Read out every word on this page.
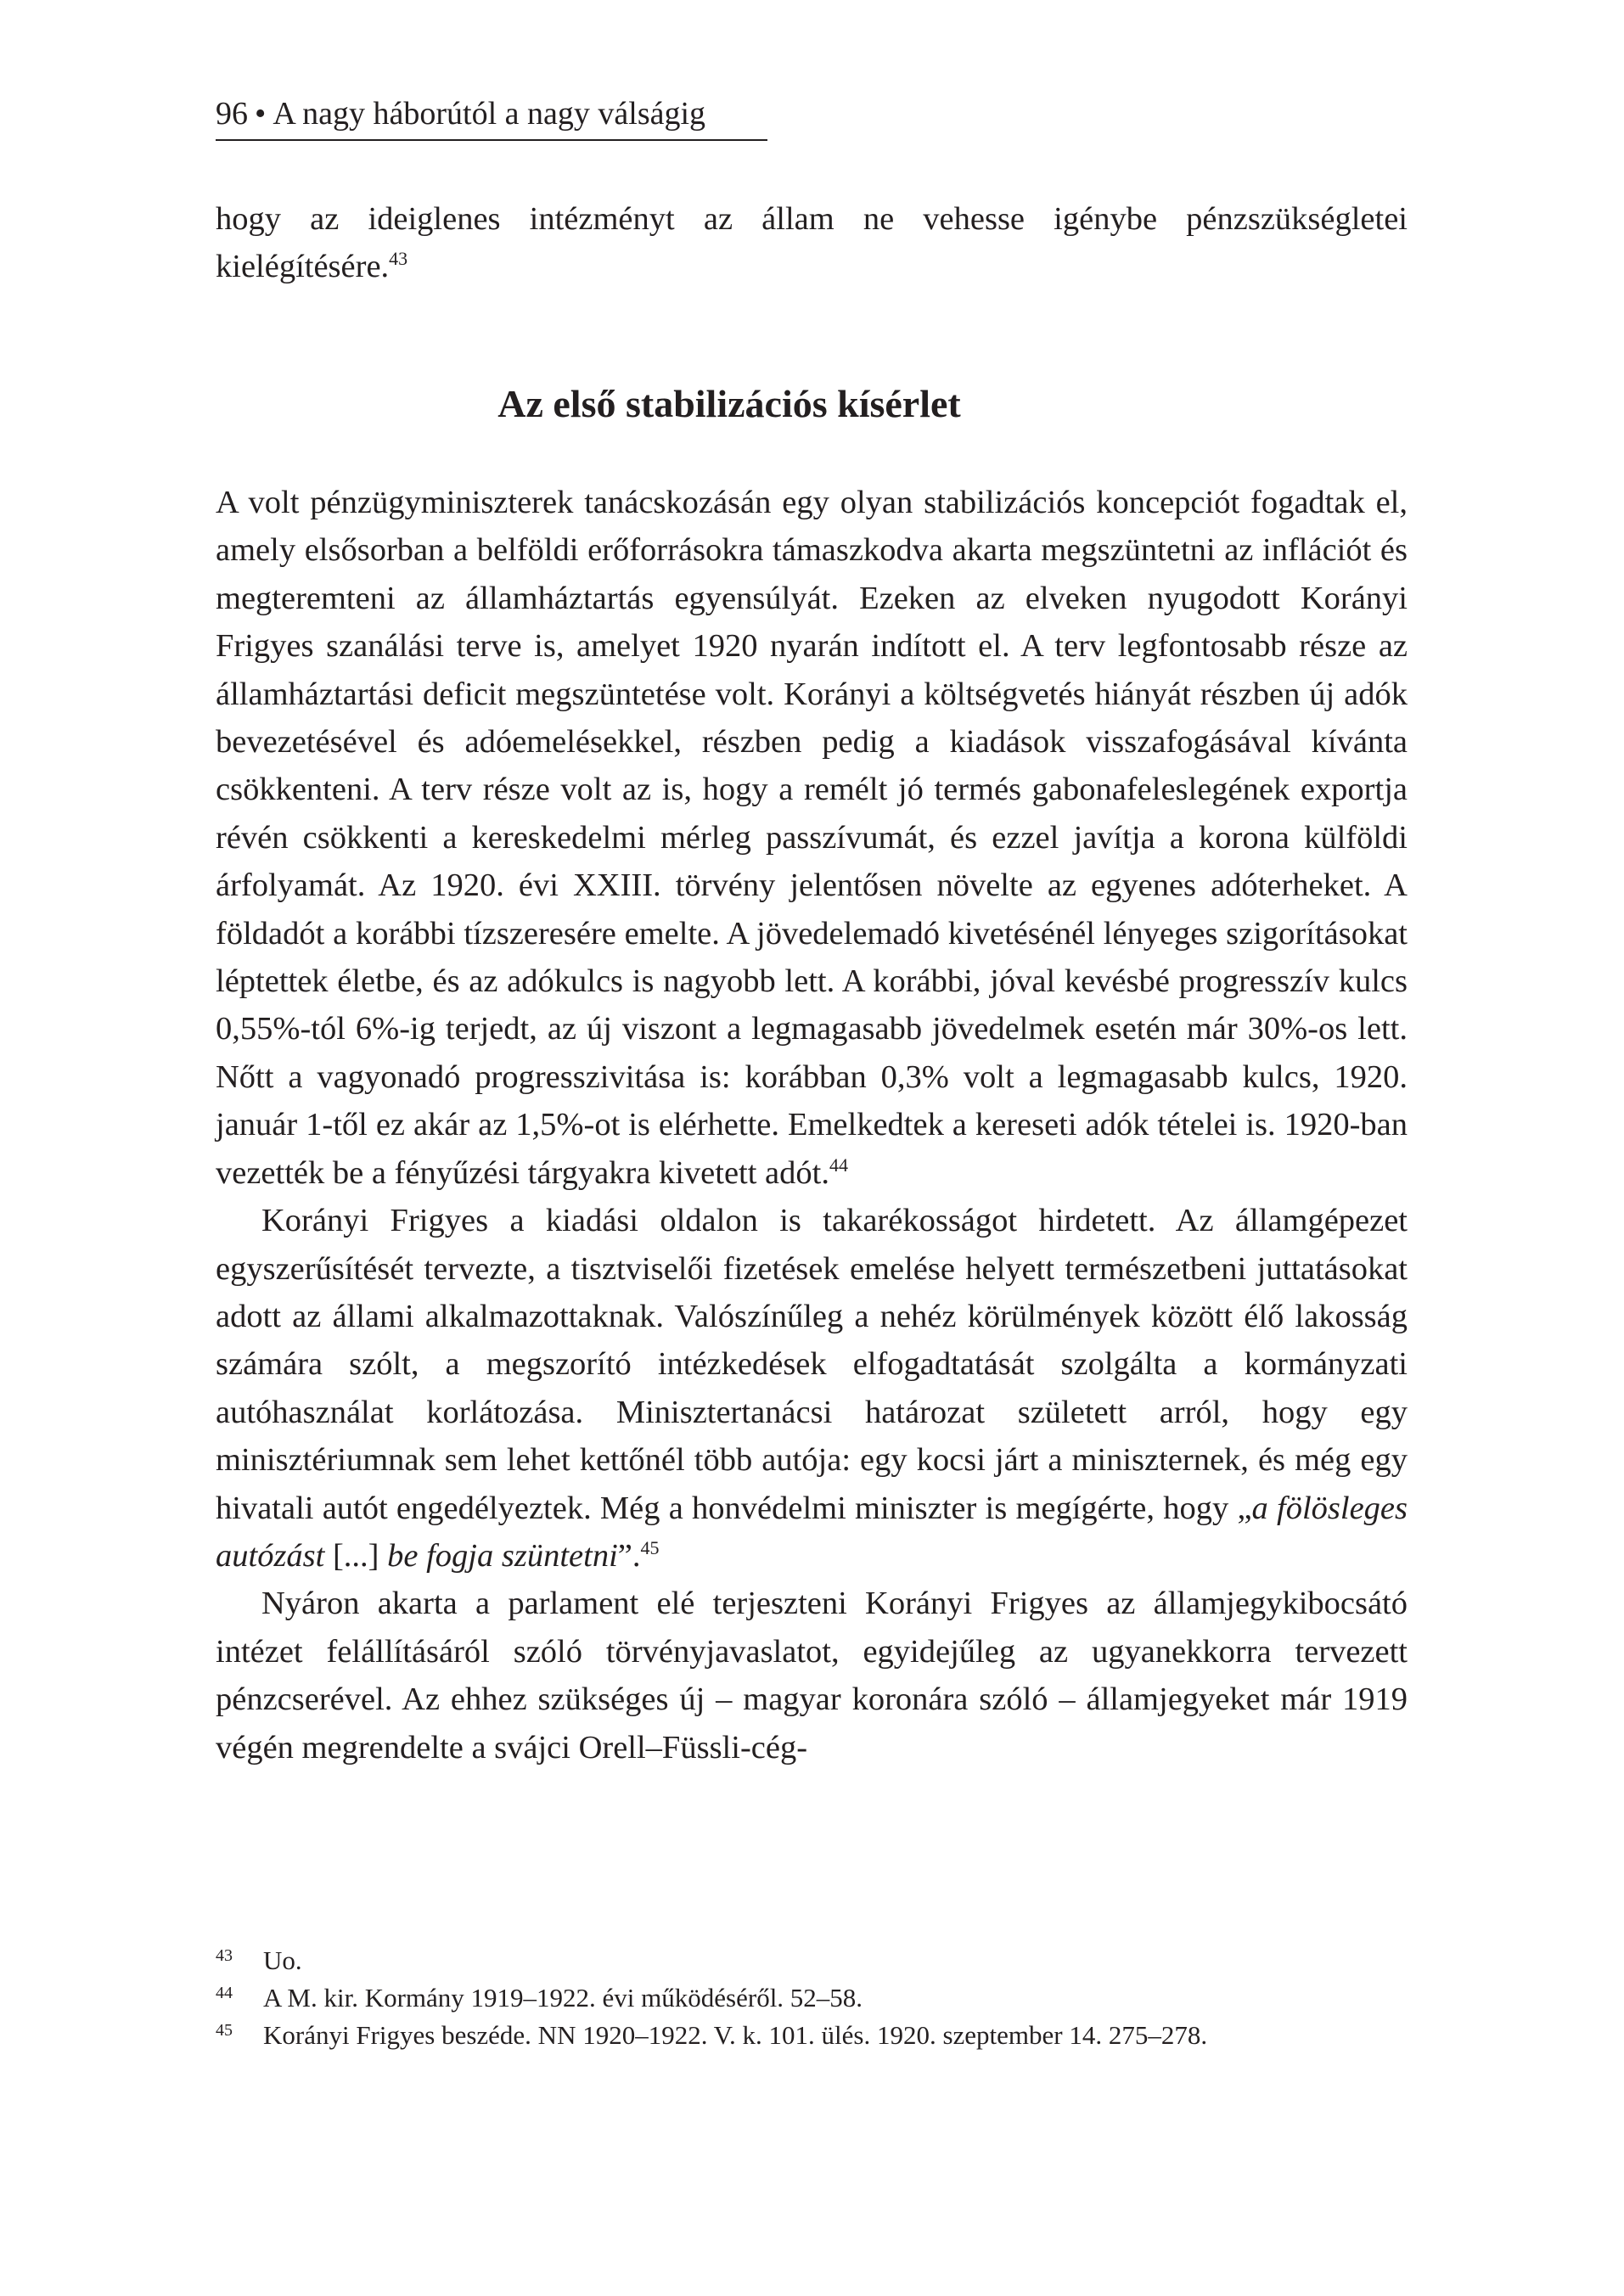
96 • A nagy háborútól a nagy válságig

hogy az ideiglenes intézményt az állam ne vehesse igénybe pénzszükségletei kielégítésére.$^{43}$

Az első stabilizációs kísérlet

A volt pénzügyminiszterek tanácskozásán egy olyan stabilizációs koncepciót fogadtak el, amely elsősorban a belföldi erőforrásokra támaszkodva akarta megszüntetni az inflációt és megteremteni az államháztartás egyensúlyát. Ezeken az elveken nyugodott Korányi Frigyes szanálási terve is, amelyet 1920 nyarán indított el. A terv legfontosabb része az államháztartási deficit megszüntetése volt. Korányi a költségvetés hiányát részben új adók bevezetésével és adóemelésekkel, részben pedig a kiadások visszafogásával kívánta csökkenteni. A terv része volt az is, hogy a remélt jó termés gabonafeleslegének exportja révén csökkenti a kereskedelmi mérleg passzívumát, és ezzel javítja a korona külföldi árfolyamát. Az 1920. évi XXIII. törvény jelentősen növelte az egyenes adóterheket. A földadót a korábbi tízszeresére emelte. A jövedelemadó kivetésénél lényeges szigorításokat léptettek életbe, és az adókulcs is nagyobb lett. A korábbi, jóval kevésbé progresszív kulcs 0,55%-tól 6%-ig terjedt, az új viszont a legmagasabb jövedelmek esetén már 30%-os lett. Nőtt a vagyonadó progresszivitása is: korábban 0,3% volt a legmagasabb kulcs, 1920. január 1-től ez akár az 1,5%-ot is elérhette. Emelkedtek a kereseti adók tételei is. 1920-ban vezették be a fényűzési tárgyakra kivetett adót.$^{44}$

Korányi Frigyes a kiadási oldalon is takarékosságot hirdetett. Az államgépezet egyszerűsítését tervezte, a tisztviselői fizetések emelése helyett természetbeni juttatásokat adott az állami alkalmazottaknak. Valószínűleg a nehéz körülmények között élő lakosság számára szólt, a megszorító intézkedések elfogadtatását szolgálta a kormányzati autóhasználat korlátozása. Minisztertanácsi határozat született arról, hogy egy minisztériumnak sem lehet kettőnél több autója: egy kocsi járt a miniszternek, és még egy hivatali autót engedélyeztek. Még a honvédelmi miniszter is megígérte, hogy „a fölösleges autózást [...] be fogja szüntetni”.$^{45}$

Nyáron akarta a parlament elé terjeszteni Korányi Frigyes az államjegykibocsátó intézet felállításáról szóló törvényjavaslatot, egyidejűleg az ugyanekkorra tervezett pénzcserével. Az ehhez szükséges új – magyar koronára szóló – államjegyeket már 1919 végén megrendelte a svájci Orell–Füssli-cég-

43	Uo.
44	A M. kir. Kormány 1919–1922. évi működéséről. 52–58.
45	Korányi Frigyes beszéde. NN 1920–1922. V. k. 101. ülés. 1920. szeptember 14. 275–278.
